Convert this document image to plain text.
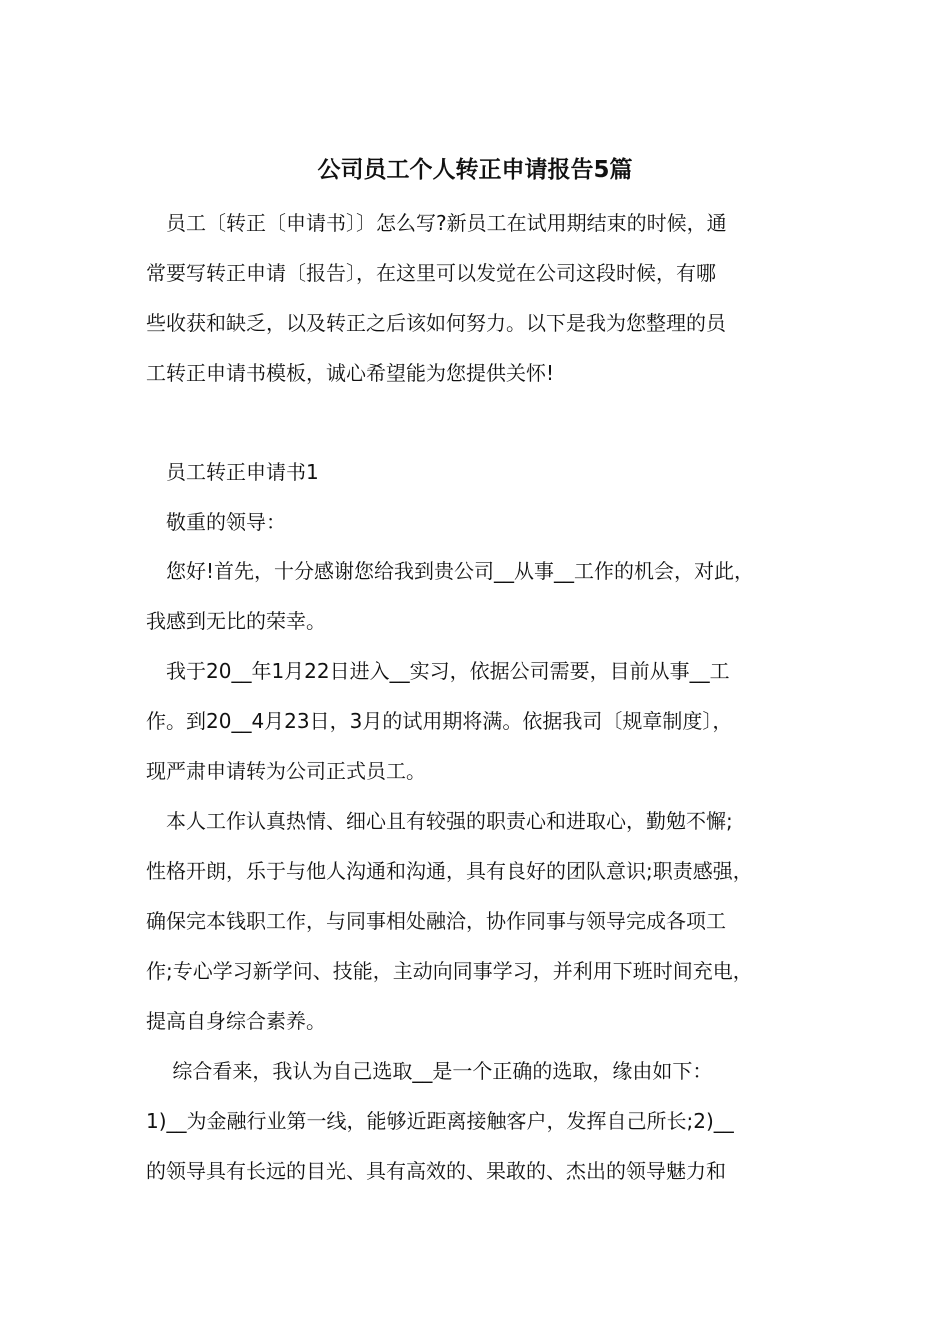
公司员工个人转正申请报告5篇
　员工〔转正〔申请书〕〕怎么写?新员工在试用期结束的时候，通
常要写转正申请〔报告〕，在这里可以发觉在公司这段时候，有哪
些收获和缺乏，以及转正之后该如何努力。以下是我为您整理的员
工转正申请书模板，诚心希望能为您提供关怀!
　员工转正申请书1
　敬重的领导：
　您好!首先，十分感谢您给我到贵公司__从事__工作的机会，对此，
我感到无比的荣幸。
　我于20__年1月22日进入__实习，依据公司需要，目前从事__工
作。到20__4月23日，3月的试用期将满。依据我司〔规章制度〕，
现严肃申请转为公司正式员工。
　本人工作认真热情、细心且有较强的职责心和进取心，勤勉不懈;
性格开朗，乐于与他人沟通和沟通，具有良好的团队意识;职责感强，
确保完本钱职工作，与同事相处融洽，协作同事与领导完成各项工
作;专心学习新学问、技能，主动向同事学习，并利用下班时间充电，
提高自身综合素养。
　 综合看来，我认为自己选取__是一个正确的选取，缘由如下：
1)__为金融行业第一线，能够近距离接触客户，发挥自己所长;2)__
的领导具有长远的目光、具有高效的、果敢的、杰出的领导魅力和
